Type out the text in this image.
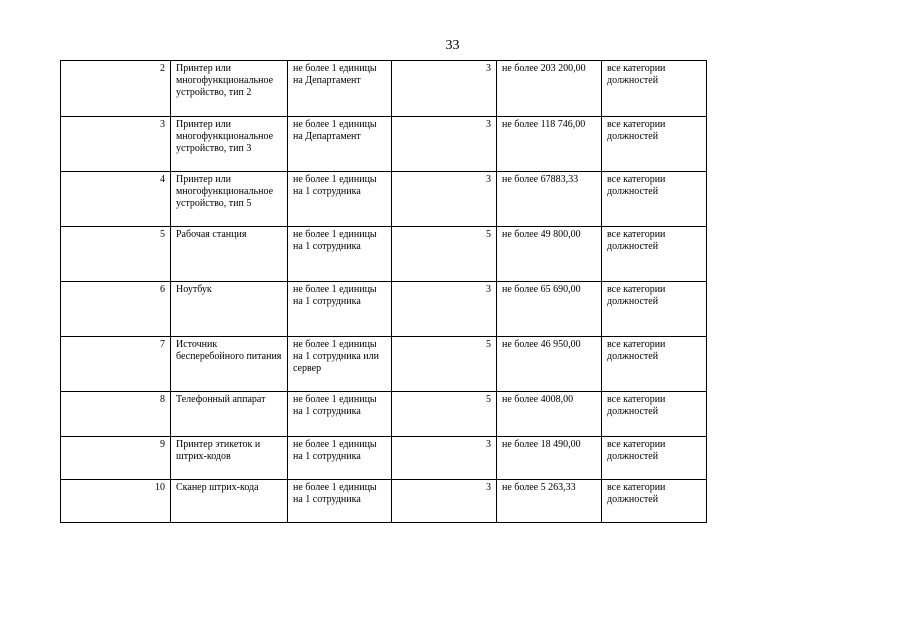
33
2	Принтер или многофункциональное устройство, тип 2	не более 1 единицы на Департамент	3	не более 203 200,00	все категории должностей
3	Принтер или многофункциональное устройство, тип 3	не более 1 единицы на Департамент	3	не более 118 746,00	все категории должностей
4	Принтер или многофункциональное устройство, тип 5	не более 1 единицы на 1 сотрудника	3	не более 67883,33	все категории должностей
5	Рабочая станция	не более 1 единицы на 1 сотрудника	5	не более 49 800,00	все категории должностей
6	Ноутбук	не более 1 единицы на 1 сотрудника	3	не более 65 690,00	все категории должностей
7	Источник бесперебойного питания	не более 1 единицы на 1 сотрудника или сервер	5	не более 46 950,00	все категории должностей
8	Телефонный аппарат	не более 1 единицы на 1 сотрудника	5	не более 4008,00	все категории должностей
9	Принтер этикеток и штрих-кодов	не более 1 единицы на 1 сотрудника	3	не более 18 490,00	все категории должностей
10	Сканер штрих-кода	не более 1 единицы на 1 сотрудника	3	не более 5 263,33	все категории должностей
